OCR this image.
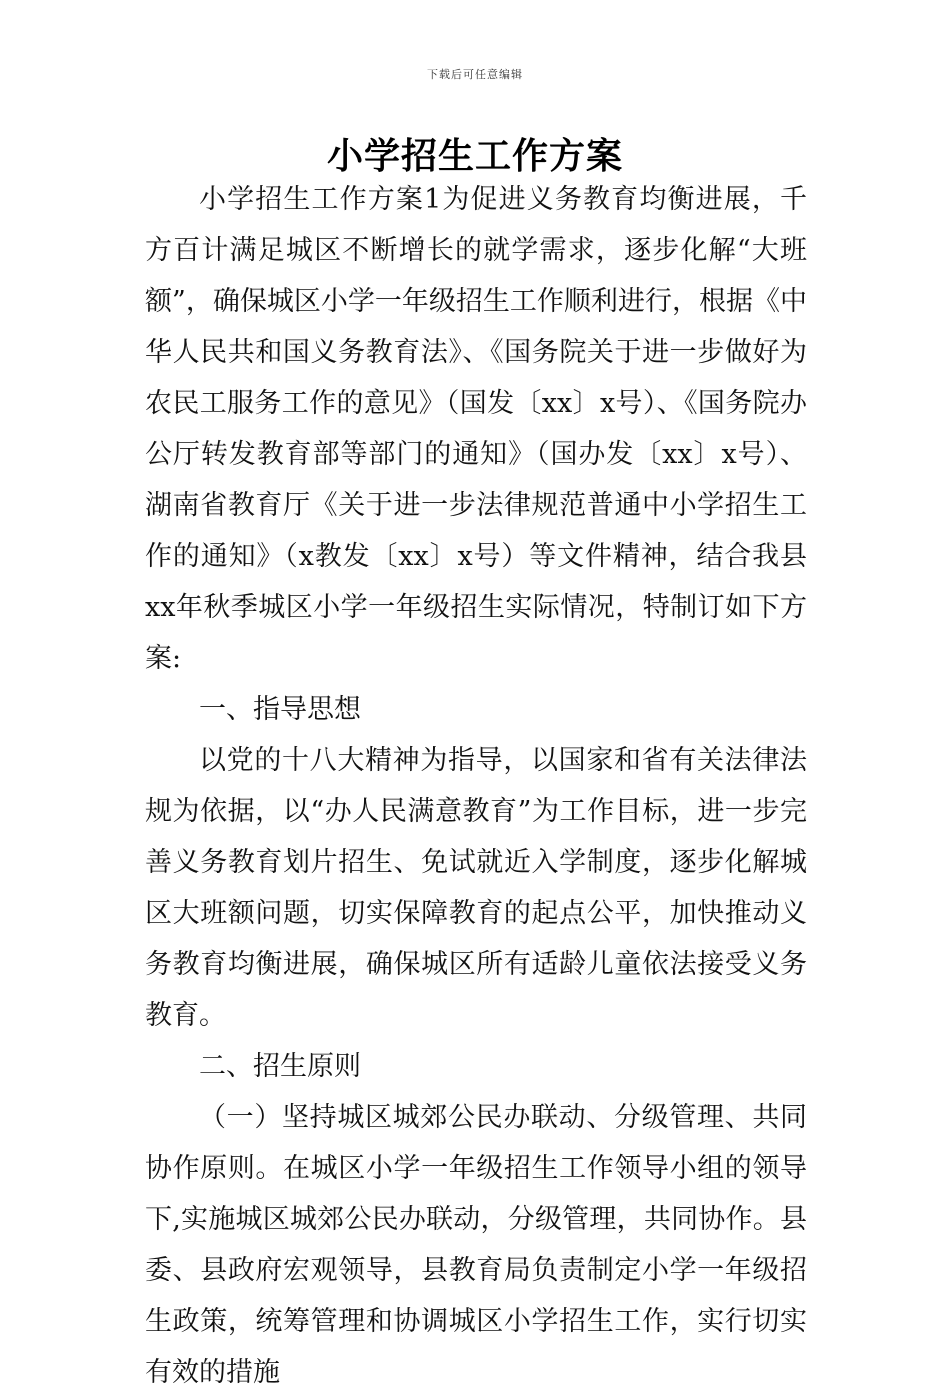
下载后可任意编辑
小学招生工作方案

小学招生工作方案1为促进义务教育均衡进展，千方百计满足城区不断增长的就学需求，逐步化解“大班额”，确保城区小学一年级招生工作顺利进行，根据《中华人民共和国义务教育法》、《国务院关于进一步做好为农民工服务工作的意见》（国发〔xx〕x号）、《国务院办公厅转发教育部等部门的通知》（国办发〔xx〕x号）、湖南省教育厅《关于进一步法律规范普通中小学招生工作的通知》（x教发〔xx〕x号）等文件精神，结合我县xx年秋季城区小学一年级招生实际情况，特制订如下方案:

一、指导思想

以党的十八大精神为指导，以国家和省有关法律法规为依据，以“办人民满意教育”为工作目标，进一步完善义务教育划片招生、免试就近入学制度，逐步化解城区大班额问题，切实保障教育的起点公平，加快推动义务教育均衡进展，确保城区所有适龄儿童依法接受义务教育。

二、招生原则

（一）坚持城区城郊公民办联动、分级管理、共同协作原则。在城区小学一年级招生工作领导小组的领导下,实施城区城郊公民办联动，分级管理，共同协作。县委、县政府宏观领导，县教育局负责制定小学一年级招生政策，统筹管理和协调城区小学招生工作，实行切实有效的措施
